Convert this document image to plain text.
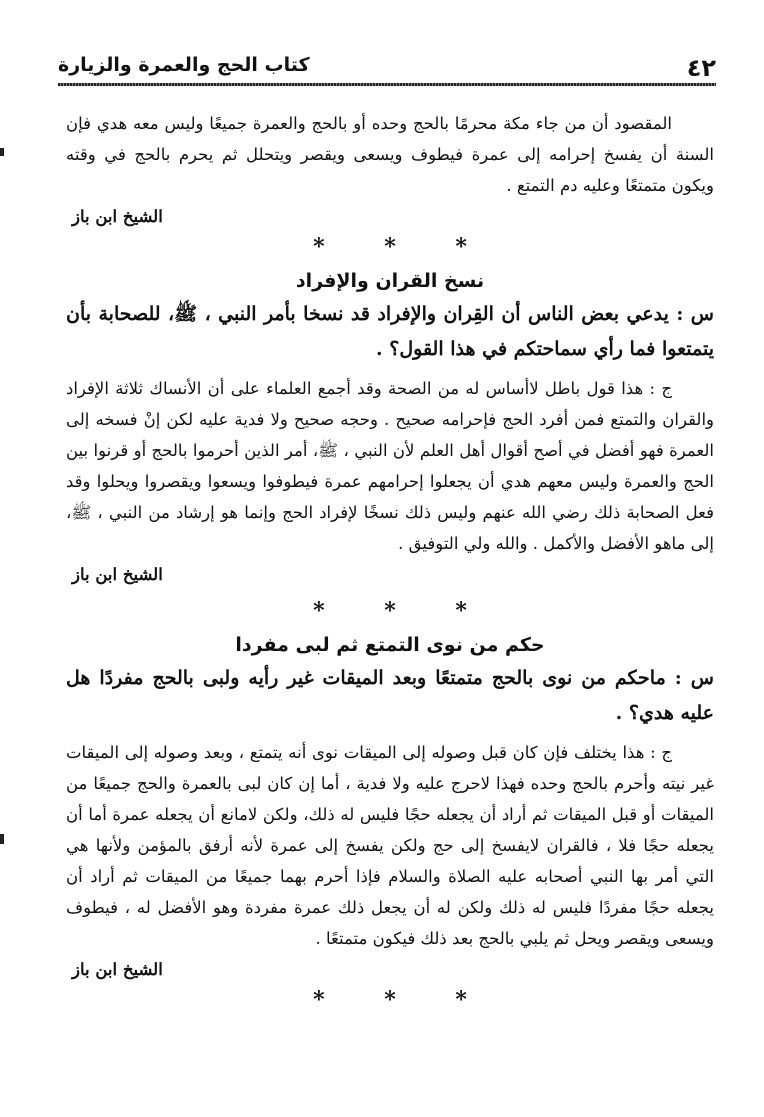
٤٢
كتاب الحج والعمرة والزيارة

المقصود أن من جاء مكة محرمًا بالحج وحده أو بالحج والعمرة جميعًا وليس معه هدي فإن السنة أن يفسخ إحرامه إلى عمرة فيطوف ويسعى ويقصر ويتحلل ثم يحرم بالحج في وقته ويكون متمتعًا وعليه دم التمتع .

الشيخ ابن باز

* * *

نسخ القران والإفراد

س : يدعي بعض الناس أن القِران والإفراد قد نسخا بأمر النبي ، ﷺ، للصحابة بأن يتمتعوا فما رأي سماحتكم في هذا القول؟ .

ج : هذا قول باطل لاأساس له من الصحة وقد أجمع العلماء على أن الأنساك ثلاثة الإفراد والقران والتمتع فمن أفرد الحج فإحرامه صحيح . وحجه صحيح ولا فدية عليه لكن إنْ فسخه إلى العمرة فهو أفضل في أصح أقوال أهل العلم لأن النبي ، ﷺ، أمر الذين أحرموا بالحج أو قرنوا بين الحج والعمرة وليس معهم هدي أن يجعلوا إحرامهم عمرة فيطوفوا ويسعوا ويقصروا ويحلوا وقد فعل الصحابة ذلك رضي الله عنهم وليس ذلك نسخًا لإفراد الحج وإنما هو إرشاد من النبي ، ﷺ، إلى ماهو الأفضل والأكمل . والله ولي التوفيق .

الشيخ ابن باز

* * *

حكم من نوى التمتع ثم لبى مفردا

س : ماحكم من نوى بالحج متمتعًا وبعد الميقات غير رأيه ولبى بالحج مفردًا هل عليه هدي؟ .

ج : هذا يختلف فإن كان قبل وصوله إلى الميقات نوى أنه يتمتع ، وبعد وصوله إلى الميقات غير نيته وأحرم بالحج وحده فهذا لاحرج عليه ولا فدية ، أما إن كان لبى بالعمرة والحج جميعًا من الميقات أو قبل الميقات ثم أراد أن يجعله حجًا فليس له ذلك، ولكن لامانع أن يجعله عمرة أما أن يجعله حجًا فلا ، فالقران لايفسخ إلى حج ولكن يفسخ إلى عمرة لأنه أرفق بالمؤمن ولأنها هي التي أمر بها النبي أصحابه عليه الصلاة والسلام فإذا أحرم بهما جميعًا من الميقات ثم أراد أن يجعله حجًا مفردًا فليس له ذلك ولكن له أن يجعل ذلك عمرة مفردة وهو الأفضل له ، فيطوف ويسعى ويقصر ويحل ثم يلبي بالحج بعد ذلك فيكون متمتعًا .

الشيخ ابن باز

* * *
